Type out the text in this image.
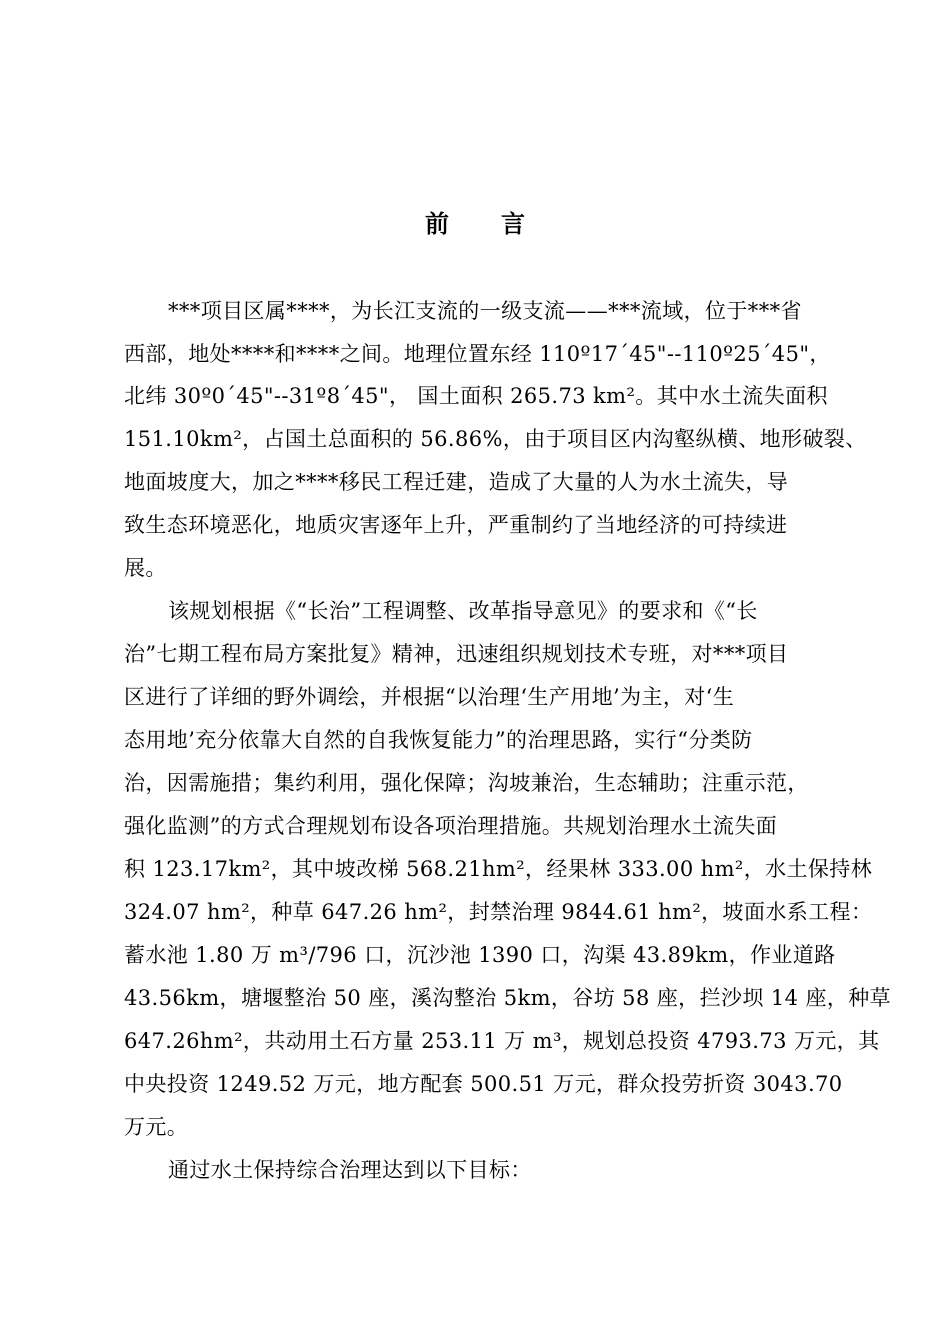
前言
***项目区属****，为长江支流的一级支流——***流域，位于***省
西部，地处****和****之间。地理位置东经 110º17´45"--110º25´45"，
北纬 30º0´45"--31º8´45"， 国土面积 265.73 km²。其中水土流失面积
151.10km²，占国土总面积的 56.86%，由于项目区内沟壑纵横、地形破裂、
地面坡度大，加之****移民工程迁建，造成了大量的人为水土流失，导
致生态环境恶化，地质灾害逐年上升，严重制约了当地经济的可持续进
展。
该规划根据《“长治”工程调整、改革指导意见》的要求和《“长
治”七期工程布局方案批复》精神，迅速组织规划技术专班，对***项目
区进行了详细的野外调绘，并根据“以治理‘生产用地’为主，对‘生
态用地’充分依靠大自然的自我恢复能力”的治理思路，实行“分类防
治，因需施措；集约利用，强化保障；沟坡兼治，生态辅助；注重示范，
强化监测”的方式合理规划布设各项治理措施。共规划治理水土流失面
积 123.17km²，其中坡改梯 568.21hm²，经果林 333.00 hm²，水土保持林
324.07 hm²，种草 647.26 hm²，封禁治理 9844.61 hm²，坡面水系工程：
蓄水池 1.80 万 m³/796 口，沉沙池 1390 口，沟渠 43.89km，作业道路
43.56km，塘堰整治 50 座，溪沟整治 5km，谷坊 58 座，拦沙坝 14 座，种草
647.26hm²，共动用土石方量 253.11 万 m³，规划总投资 4793.73 万元，其
中央投资 1249.52 万元，地方配套 500.51 万元，群众投劳折资 3043.70
万元。
通过水土保持综合治理达到以下目标：
